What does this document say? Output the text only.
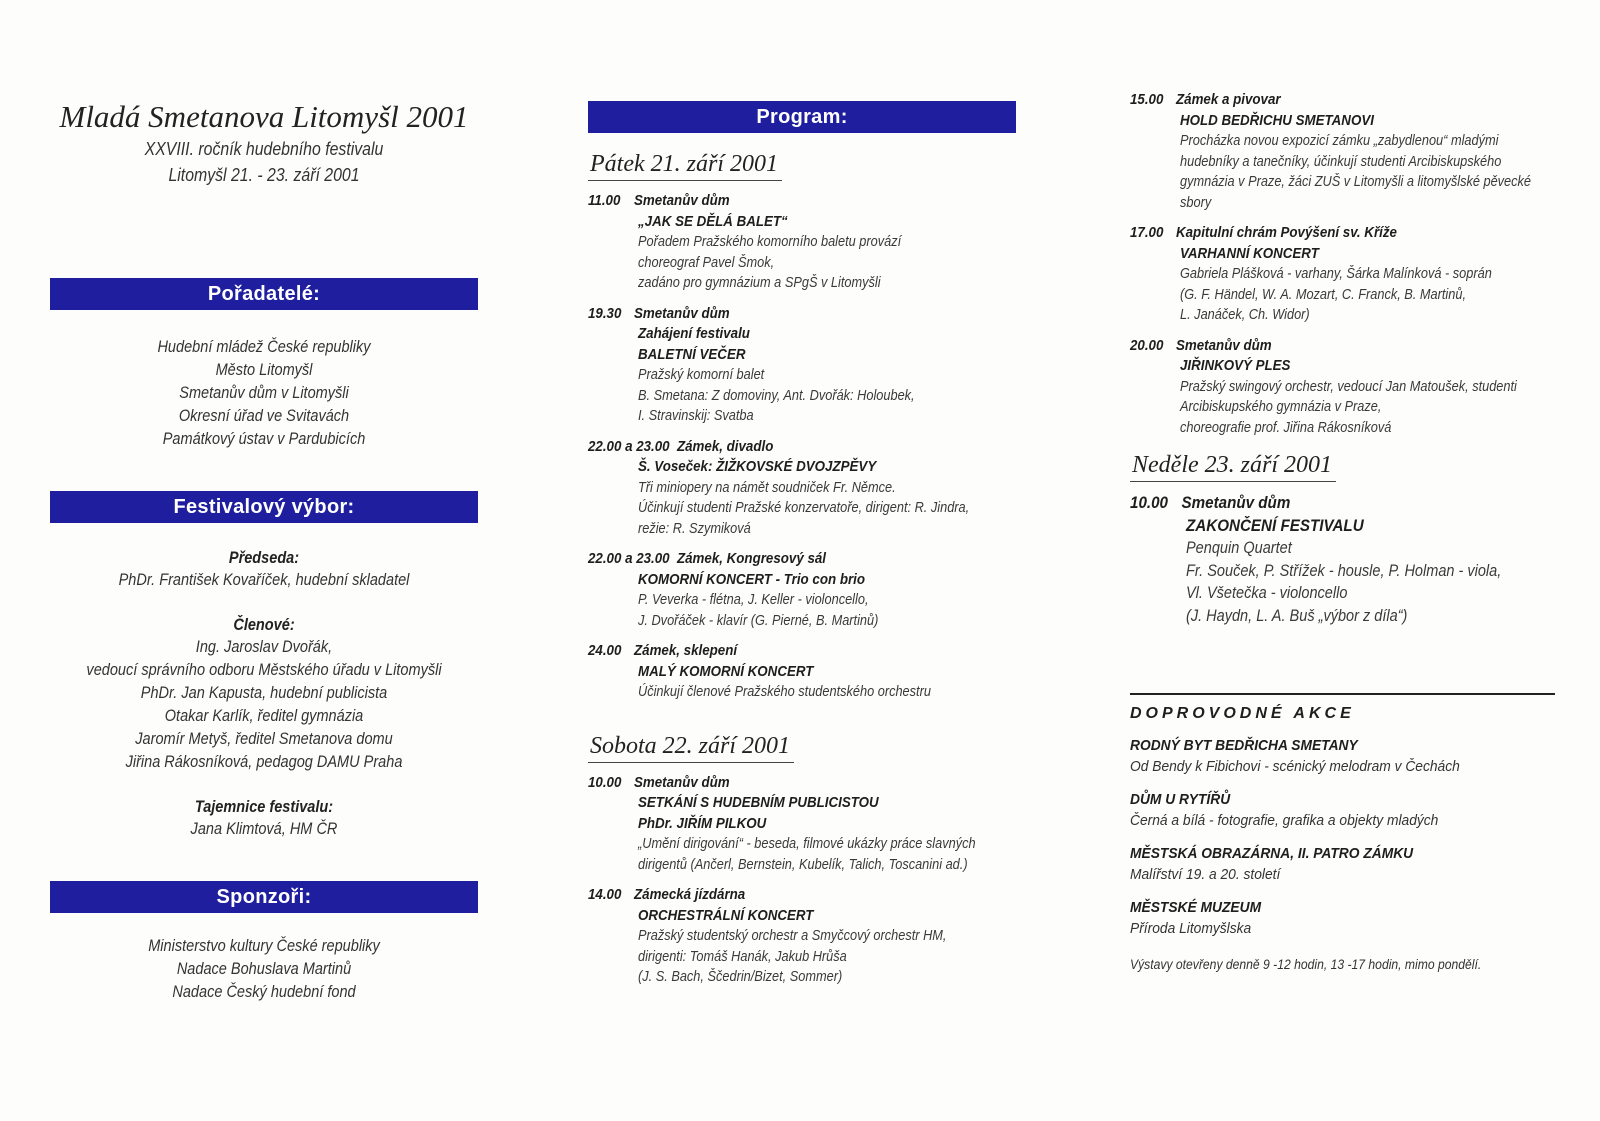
Mladá Smetanova Litomyšl 2001
XXVIII. ročník hudebního festivalu
Litomyšl 21. - 23. září 2001
Pořadatelé:
Hudební mládež České republiky
Město Litomyšl
Smetanův dům v Litomyšli
Okresní úřad ve Svitavách
Památkový ústav v Pardubicích
Festivalový výbor:
Předseda:
PhDr. František Kovaříček, hudební skladatel
Členové:
Ing. Jaroslav Dvořák,
vedoucí správního odboru Městského úřadu v Litomyšli
PhDr. Jan Kapusta, hudební publicista
Otakar Karlík, ředitel gymnázia
Jaromír Metyš, ředitel Smetanova domu
Jiřina Rákosníková, pedagog DAMU Praha
Tajemnice festivalu:
Jana Klimtová, HM ČR
Sponzoři:
Ministerstvo kultury České republiky
Nadace Bohuslava Martinů
Nadace Český hudební fond
Program:
Pátek 21. září 2001
11.00 Smetanův dům
„JAK SE DĚLÁ BALET“
Pořadem Pražského komorního baletu provází
choreograf Pavel Šmok,
zadáno pro gymnázium a SPgŠ v Litomyšli
19.30 Smetanův dům
Zahájení festivalu
BALETNÍ VEČER
Pražský komorní balet
B. Smetana: Z domoviny, Ant. Dvořák: Holoubek,
I. Stravinskij: Svatba
22.00 a 23.00 Zámek, divadlo
Š. Voseček: ŽIŽKOVSKÉ DVOJZPĚVY
Tři miniopery na námět soudniček Fr. Němce.
Účinkují studenti Pražské konzervatoře, dirigent: R. Jindra,
režie: R. Szymiková
22.00 a 23.00 Zámek, Kongresový sál
KOMORNÍ KONCERT - Trio con brio
P. Veverka - flétna, J. Keller - violoncello,
J. Dvořáček - klavír (G. Pierné, B. Martinů)
24.00 Zámek, sklepení
MALÝ KOMORNÍ KONCERT
Účinkují členové Pražského studentského orchestru
Sobota 22. září 2001
10.00 Smetanův dům
SETKÁNÍ S HUDEBNÍM PUBLICISTOU
PhDr. JIŘÍM PILKOU
„Umění dirigování“ - beseda, filmové ukázky práce slavných
dirigentů (Ančerl, Bernstein, Kubelík, Talich, Toscanini ad.)
14.00 Zámecká jízdárna
ORCHESTRÁLNÍ KONCERT
Pražský studentský orchestr a Smyčcový orchestr HM,
dirigenti: Tomáš Hanák, Jakub Hrůša
(J. S. Bach, Ščedrin/Bizet, Sommer)
15.00 Zámek a pivovar
HOLD BEDŘICHU SMETANOVI
Procházka novou expozicí zámku „zabydlenou“ mladými
hudebníky a tanečníky, účinkují studenti Arcibiskupského
gymnázia v Praze, žáci ZUŠ v Litomyšli a litomyšlské pěvecké
sbory
17.00 Kapitulní chrám Povýšení sv. Kříže
VARHANNÍ KONCERT
Gabriela Plášková - varhany, Šárka Malínková - soprán
(G. F. Händel, W. A. Mozart, C. Franck, B. Martinů,
L. Janáček, Ch. Widor)
20.00 Smetanův dům
JIŘINKOVÝ PLES
Pražský swingový orchestr, vedoucí Jan Matoušek, studenti
Arcibiskupského gymnázia v Praze,
choreografie prof. Jiřina Rákosníková
Neděle 23. září 2001
10.00 Smetanův dům
ZAKONČENÍ FESTIVALU
Penquin Quartet
Fr. Souček, P. Střížek - housle, P. Holman - viola,
Vl. Všetečka - violoncello
(J. Haydn, L. A. Buš „výbor z díla“)
DOPROVODNÉ AKCE
RODNÝ BYT BEDŘICHA SMETANY
Od Bendy k Fibichovi - scénický melodram v Čechách
DŮM U RYTÍŘŮ
Černá a bílá - fotografie, grafika a objekty mladých
MĚSTSKÁ OBRAZÁRNA, II. PATRO ZÁMKU
Malířství 19. a 20. století
MĚSTSKÉ MUZEUM
Příroda Litomyšlska
Výstavy otevřeny denně 9 -12 hodin, 13 -17 hodin, mimo pondělí.
